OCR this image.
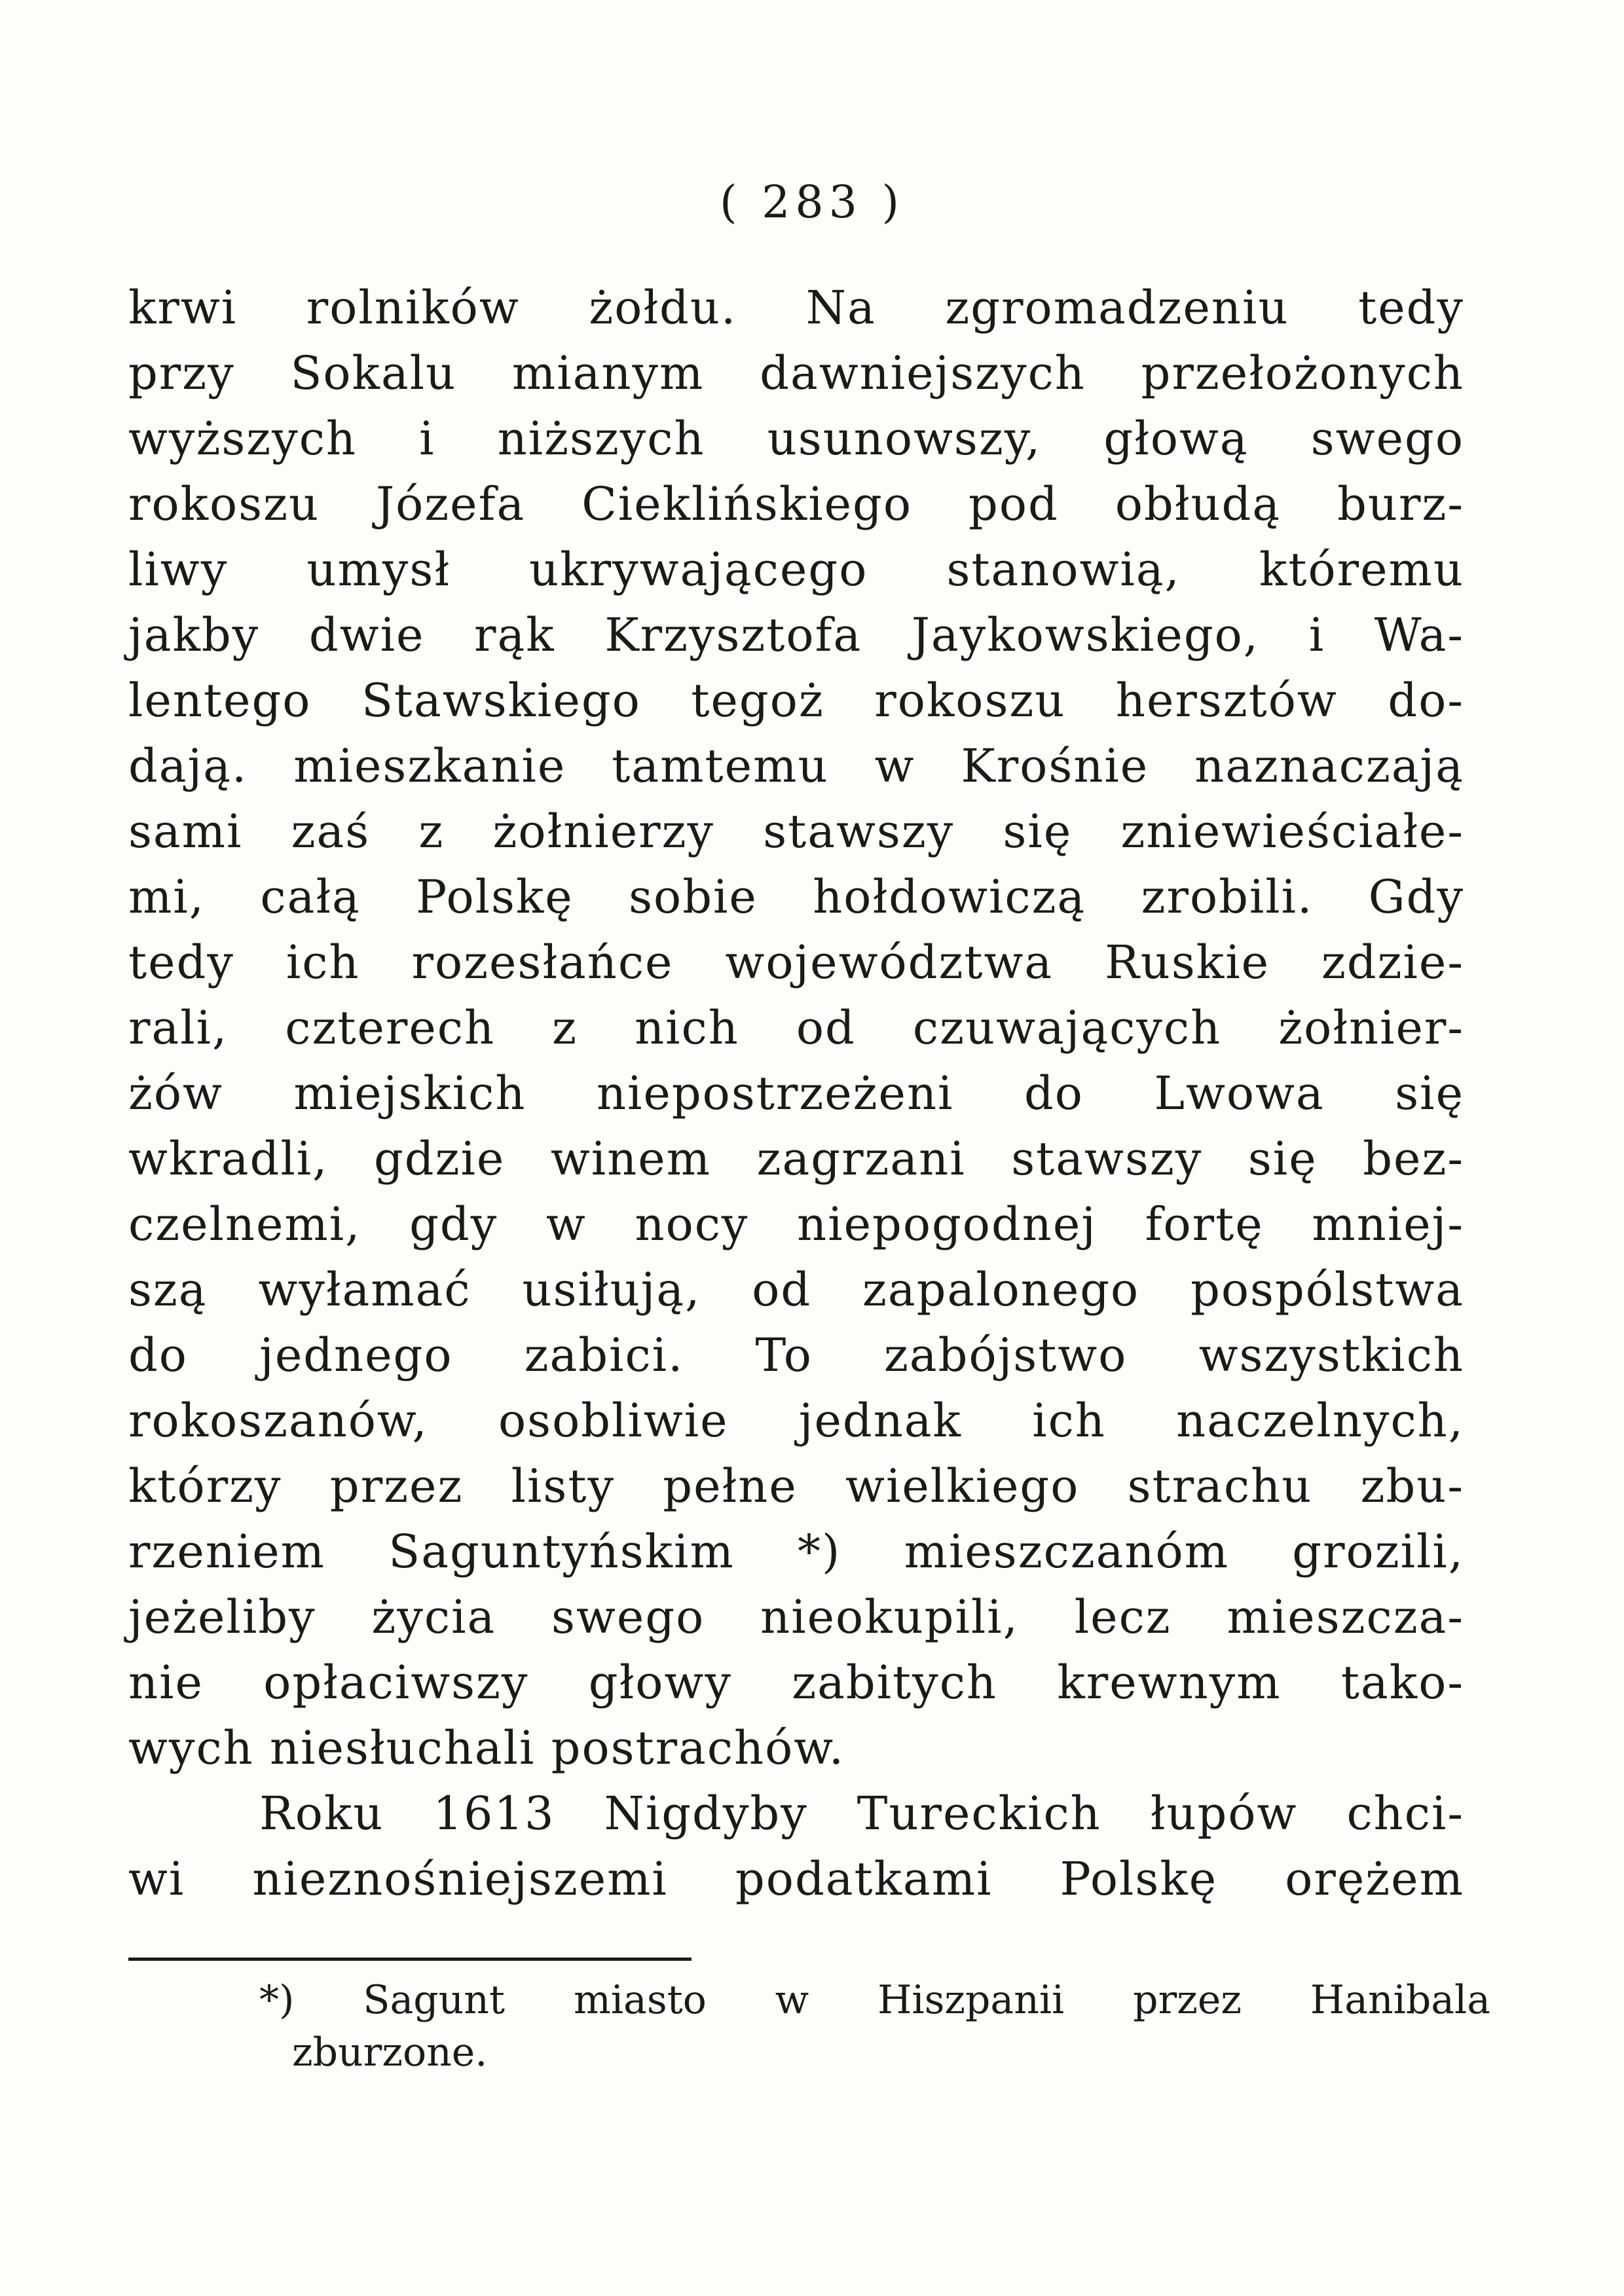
( 283 )
krwi rolników żołdu. Na zgromadzeniu tedy
przy Sokalu mianym dawniejszych przełożonych
wyższych i niższych usunowszy, głową swego
rokoszu Józefa Cieklińskiego pod obłudą burz-
liwy umysł ukrywającego stanowią, któremu
jakby dwie rąk Krzysztofa Jaykowskiego, i Wa-
lentego Stawskiego tegoż rokoszu hersztów do-
dają. mieszkanie tamtemu w Krośnie naznaczają
sami zaś z żołnierzy stawszy się zniewieściałe-
mi, całą Polskę sobie hołdowiczą zrobili. Gdy
tedy ich rozesłańce województwa Ruskie zdzie-
rali, czterech z nich od czuwających żołnier-
żów miejskich niepostrzeżeni do Lwowa się
wkradli, gdzie winem zagrzani stawszy się bez-
czelnemi, gdy w nocy niepogodnej fortę mniej-
szą wyłamać usiłują, od zapalonego pospólstwa
do jednego zabici. To zabójstwo wszystkich
rokoszanów, osobliwie jednak ich naczelnych,
którzy przez listy pełne wielkiego strachu zbu-
rzeniem Saguntyńskim *) mieszczanóm grozili,
jeżeliby życia swego nieokupili, lecz mieszcza-
nie opłaciwszy głowy zabitych krewnym tako-
wych niesłuchali postrachów.
Roku 1613 Nigdyby Tureckich łupów chci-
wi nieznośniejszemi podatkami Polskę orężem
*) Sagunt miasto w Hiszpanii przez Hanibala
zburzone.
